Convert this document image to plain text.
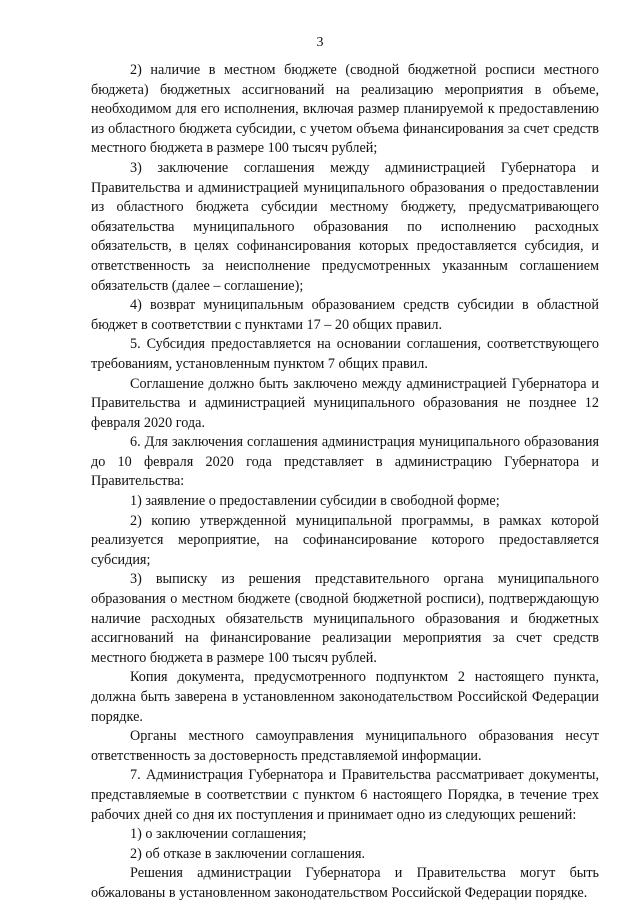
3

2) наличие в местном бюджете (сводной бюджетной росписи местного бюджета) бюджетных ассигнований на реализацию мероприятия в объеме, необходимом для его исполнения, включая размер планируемой к предоставлению из областного бюджета субсидии, с учетом объема финансирования за счет средств местного бюджета в размере 100 тысяч рублей;

3) заключение соглашения между администрацией Губернатора и Правительства и администрацией муниципального образования о предоставлении из областного бюджета субсидии местному бюджету, предусматривающего обязательства муниципального образования по исполнению расходных обязательств, в целях софинансирования которых предоставляется субсидия, и ответственность за неисполнение предусмотренных указанным соглашением обязательств (далее – соглашение);

4) возврат муниципальным образованием средств субсидии в областной бюджет в соответствии с пунктами 17 – 20 общих правил.

5. Субсидия предоставляется на основании соглашения, соответствующего требованиям, установленным пунктом 7 общих правил.

Соглашение должно быть заключено между администрацией Губернатора и Правительства и администрацией муниципального образования не позднее 12 февраля 2020 года.

6. Для заключения соглашения администрация муниципального образования до 10 февраля 2020 года представляет в администрацию Губернатора и Правительства:

1) заявление о предоставлении субсидии в свободной форме;

2) копию утвержденной муниципальной программы, в рамках которой реализуется мероприятие, на софинансирование которого предоставляется субсидия;

3) выписку из решения представительного органа муниципального образования о местном бюджете (сводной бюджетной росписи), подтверждающую наличие расходных обязательств муниципального образования и бюджетных ассигнований на финансирование реализации мероприятия за счет средств местного бюджета в размере 100 тысяч рублей.

Копия документа, предусмотренного подпунктом 2 настоящего пункта, должна быть заверена в установленном законодательством Российской Федерации порядке.

Органы местного самоуправления муниципального образования несут ответственность за достоверность представляемой информации.

7. Администрация Губернатора и Правительства рассматривает документы, представляемые в соответствии с пунктом 6 настоящего Порядка, в течение трех рабочих дней со дня их поступления и принимает одно из следующих решений:

1) о заключении соглашения;

2) об отказе в заключении соглашения.

Решения администрации Губернатора и Правительства могут быть обжалованы в установленном законодательством Российской Федерации порядке.
